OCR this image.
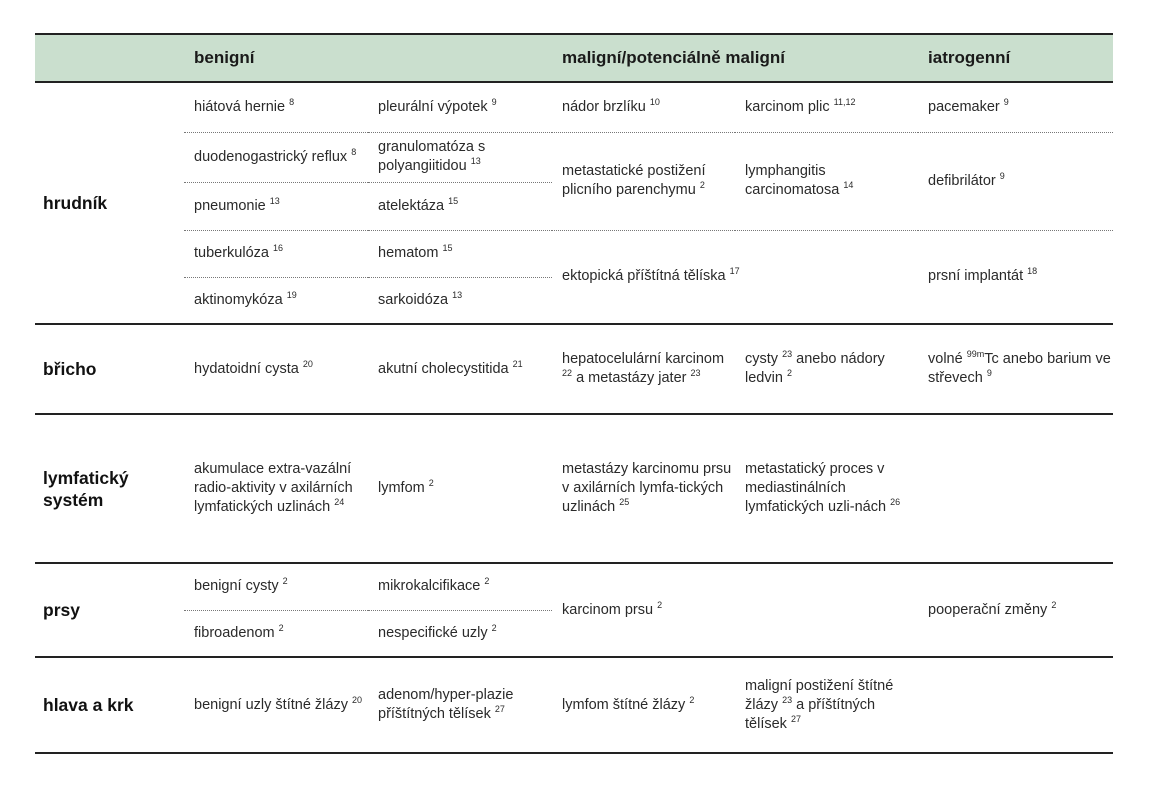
	benigní		maligní/potenciálně maligní		iatrogenní
hrudník	hiátová hernie $^8$	pleurální výpotek $^9$	nádor brzlíku $^{10}$	karcinom plic $^{11,12}$	pacemaker $^9$
	duodenogastrický reflux $^8$	granulomatóza s polyangiitidou $^{13}$	metastatické postižení plicního parenchymu $^2$	lymphangitis carcinomatosa $^{14}$	defibrilátor $^9$
	pneumonie $^{13}$	atelektáza $^{15}$
	tuberkulóza $^{16}$	hematom $^{15}$	ektopická příštítná tělíska $^{17}$		prsní implantát $^{18}$
	aktinomykóza $^{19}$	sarkoidóza $^{13}$
břicho	hydatoidní cysta $^{20}$	akutní cholecystitida $^{21}$	hepatocelulární karcinom $^{22}$ a metastázy jater $^{23}$	cysty $^{23}$ anebo nádory ledvin $^2$	volné $^{99m}$Tc anebo barium ve střevech $^9$
lymfatický systém	akumulace extra-vazální radio-aktivity v axilárních lymfatických uzlinách $^{24}$	lymfom $^2$	metastázy karcinomu prsu v axilárních lymfa-tických uzlinách $^{25}$	metastatický proces v mediastinálních lymfatických uzli-nách $^{26}$	
prsy	benigní cysty $^2$	mikrokalcifikace $^2$	karcinom prsu $^2$		pooperační změny $^2$
	fibroadenom $^2$	nespecifické uzly $^2$
hlava a krk	benigní uzly štítné žlázy $^{20}$	adenom/hyper-plazie příštítných tělísek $^{27}$	lymfom štítné žlázy $^2$	maligní postižení štítné žlázy $^{23}$ a příštítných tělísek $^{27}$	
